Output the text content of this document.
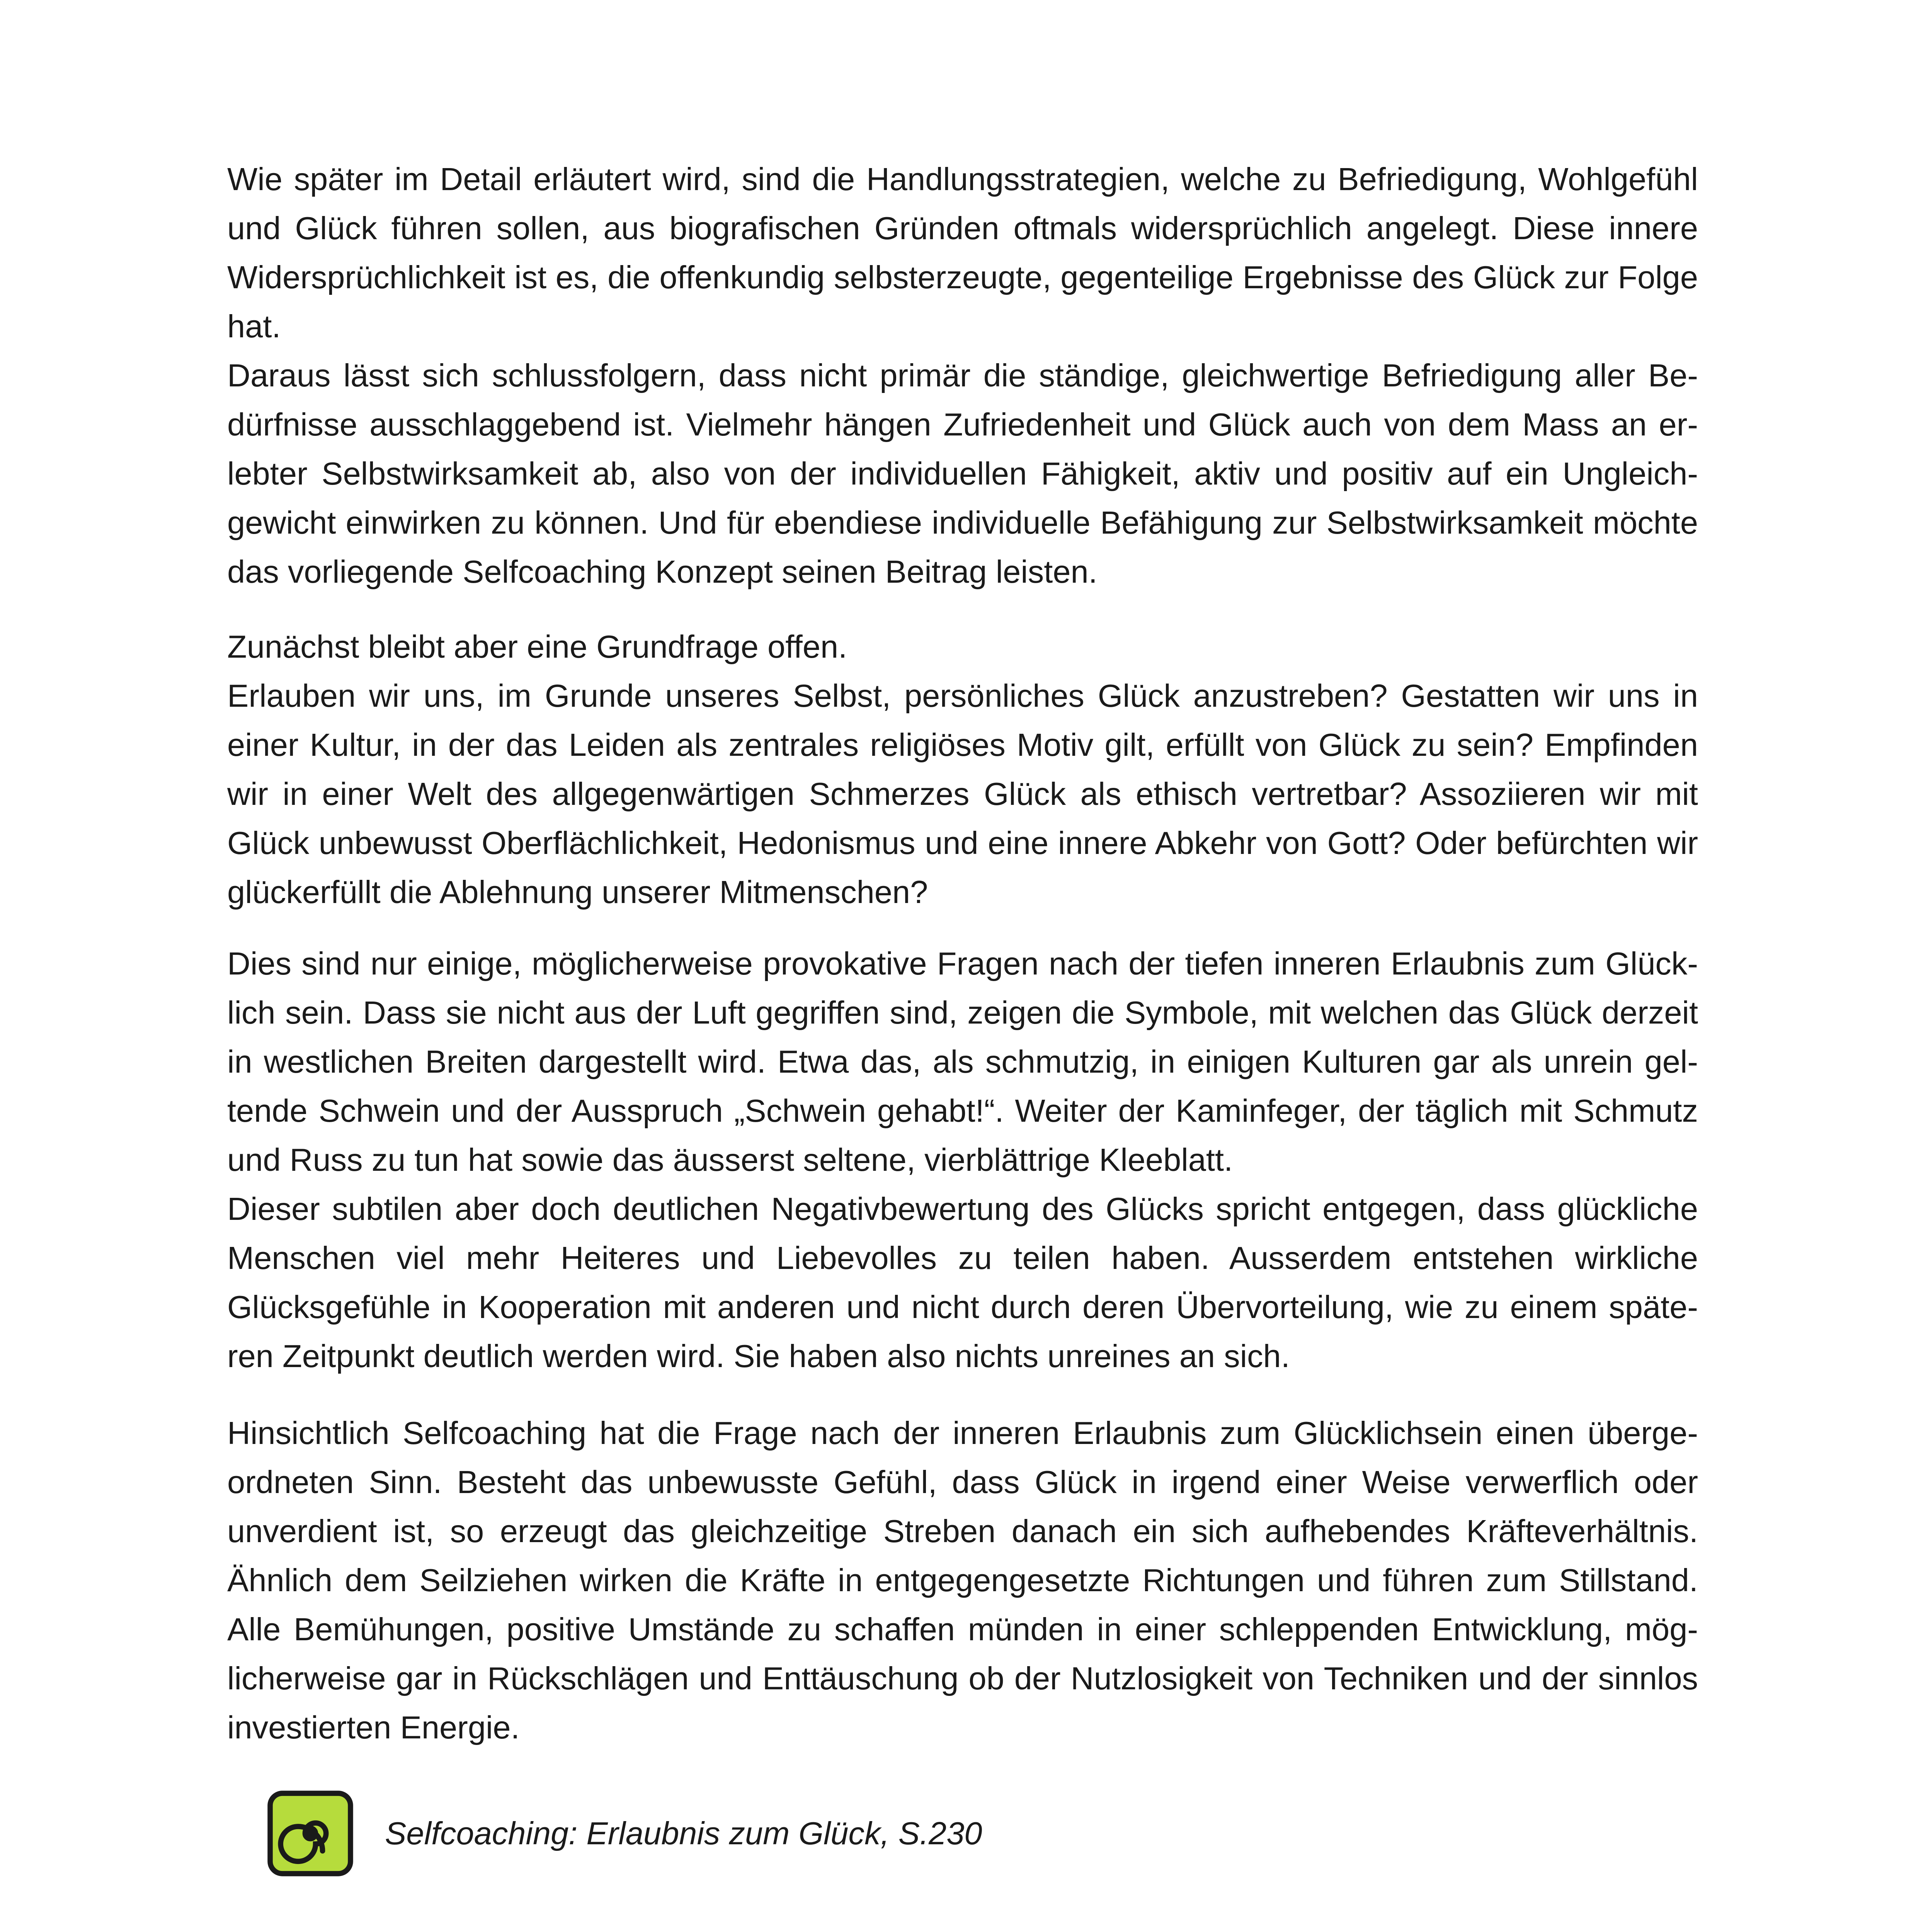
Wie später im Detail erläutert wird, sind die Handlungsstrategien, welche zu Befriedigung, Wohlgefühl und Glück führen sollen, aus biografischen Gründen oftmals widersprüchlich angelegt. Diese innere Widersprüchlichkeit ist es, die offenkundig selbsterzeugte, gegenteilige Ergebnisse des Glück zur Folge hat.

Daraus lässt sich schlussfolgern, dass nicht primär die ständige, gleichwertige Befriedigung aller Bedürfnisse ausschlaggebend ist. Vielmehr hängen Zufriedenheit und Glück auch von dem Mass an erlebter Selbstwirksamkeit ab, also von der individuellen Fähigkeit, aktiv und positiv auf ein Ungleichgewicht einwirken zu können. Und für ebendiese individuelle Befähigung zur Selbstwirksamkeit möchte das vorliegende Selfcoaching Konzept seinen Beitrag leisten.

Zunächst bleibt aber eine Grundfrage offen.

Erlauben wir uns, im Grunde unseres Selbst, persönliches Glück anzustreben? Gestatten wir uns in einer Kultur, in der das Leiden als zentrales religiöses Motiv gilt, erfüllt von Glück zu sein? Empfinden wir in einer Welt des allgegenwärtigen Schmerzes Glück als ethisch vertretbar? Assoziieren wir mit Glück unbewusst Oberflächlichkeit, Hedonismus und eine innere Abkehr von Gott? Oder befürchten wir glückerfüllt die Ablehnung unserer Mitmenschen?

Dies sind nur einige, möglicherweise provokative Fragen nach der tiefen inneren Erlaubnis zum Glücklich sein. Dass sie nicht aus der Luft gegriffen sind, zeigen die Symbole, mit welchen das Glück derzeit in westlichen Breiten dargestellt wird. Etwa das, als schmutzig, in einigen Kulturen gar als unrein geltende Schwein und der Ausspruch „Schwein gehabt!“. Weiter der Kaminfeger, der täglich mit Schmutz und Russ zu tun hat sowie das äusserst seltene, vierblättrige Kleeblatt.

Dieser subtilen aber doch deutlichen Negativbewertung des Glücks spricht entgegen, dass glückliche Menschen viel mehr Heiteres und Liebevolles zu teilen haben. Ausserdem entstehen wirkliche Glücksgefühle in Kooperation mit anderen und nicht durch deren Übervorteilung, wie zu einem späteren Zeitpunkt deutlich werden wird. Sie haben also nichts unreines an sich.

Hinsichtlich Selfcoaching hat die Frage nach der inneren Erlaubnis zum Glücklichsein einen übergeordneten Sinn. Besteht das unbewusste Gefühl, dass Glück in irgend einer Weise verwerflich oder unverdient ist, so erzeugt das gleichzeitige Streben danach ein sich aufhebendes Kräfteverhältnis. Ähnlich dem Seilziehen wirken die Kräfte in entgegengesetzte Richtungen und führen zum Stillstand. Alle Bemühungen, positive Umstände zu schaffen münden in einer schleppenden Entwicklung, möglicherweise gar in Rückschlägen und Enttäuschung ob der Nutzlosigkeit von Techniken und der sinnlos investierten Energie.

Selfcoaching: Erlaubnis zum Glück, S.230
